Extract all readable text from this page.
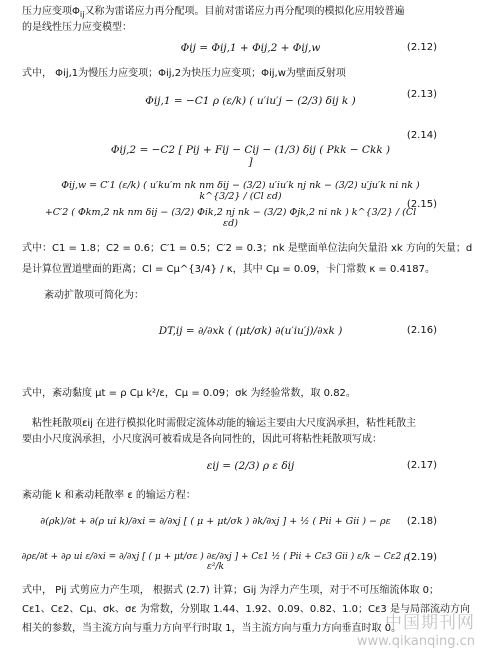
压力应变项$\Phi_{ij}$又称为雷诺应力再分配项。目前对雷诺应力再分配项的模拟化应用较普遍
的是线性压力应变模型：
Φij = Φij,1 + Φij,2 + Φij,w	(2.12)
式中， Φij,1为慢压力应变项；Φij,2为快压力应变项；Φij,w为壁面反射项
Φij,1 = −C1 ρ (ε/k) ( u′iu′j − (2/3) δij k )
(2.13)
Φij,2 = −C2 [ Pij + Fij − Cij − (1/3) δij ( Pkk − Ckk ) ]
(2.14)
Φij,w = C′1 (ε/k) ( u′ku′m nk nm δij − (3/2) u′iu′k nj nk − (3/2) u′ju′k ni nk ) k^{3/2} / (Cl εd)
+C′2 ( Φkm,2 nk nm δij − (3/2) Φik,2 nj nk − (3/2) Φjk,2 ni nk ) k^{3/2} / (Cl εd)
(2.15)
式中：C1 = 1.8；C2 = 0.6；C′1 = 0.5；C′2 = 0.3；nk 是壁面单位法向矢量沿 xk 方向的矢量；d
是计算位置道壁面的距离；Cl = Cμ^{3/4} / κ，其中 Cμ = 0.09，卡门常数 κ = 0.4187。
紊动扩散项可简化为：
DT,ij = ∂/∂xk ( (μt/σk) ∂(u′iu′j)/∂xk )	(2.16)
式中，紊动黏度 μt = ρ Cμ k²/ε，Cμ = 0.09；σk 为经验常数，取 0.82。
粘性耗散项εij 在进行模拟化时需假定流体动能的输运主要由大尺度涡承担，粘性耗散主
要由小尺度涡承担，小尺度涡可被看成是各向同性的，因此可将粘性耗散项写成：
εij = (2/3) ρ ε δij	(2.17)
紊动能 k 和紊动耗散率 ε 的输运方程：
∂(ρk)/∂t + ∂(ρ ui k)/∂xi = ∂/∂xj [ ( μ + μt/σk ) ∂k/∂xj ] + ½ ( Pii + Gii ) − ρε	(2.18)
∂ρε/∂t + ∂ρ ui ε/∂xi = ∂/∂xj [ ( μ + μt/σε ) ∂ε/∂xj ] + Cε1 ½ ( Pii + Cε3 Gii ) ε/k − Cε2 ρ ε²/k
(2.19)
式中， Pij 式剪应力产生项， 根据式 (2.7) 计算；Gij 为浮力产生项，对于不可压缩流体取 0；
Cε1、Cε2、Cμ、σk、σε 为常数，分别取 1.44、1.92、0.09、0.82、1.0；Cε3 是与局部流动方向
相关的参数，当主流方向与重力方向平行时取 1，当主流方向与重力方向垂直时取 0。
中国期刊网
www.qikanqing.cn
